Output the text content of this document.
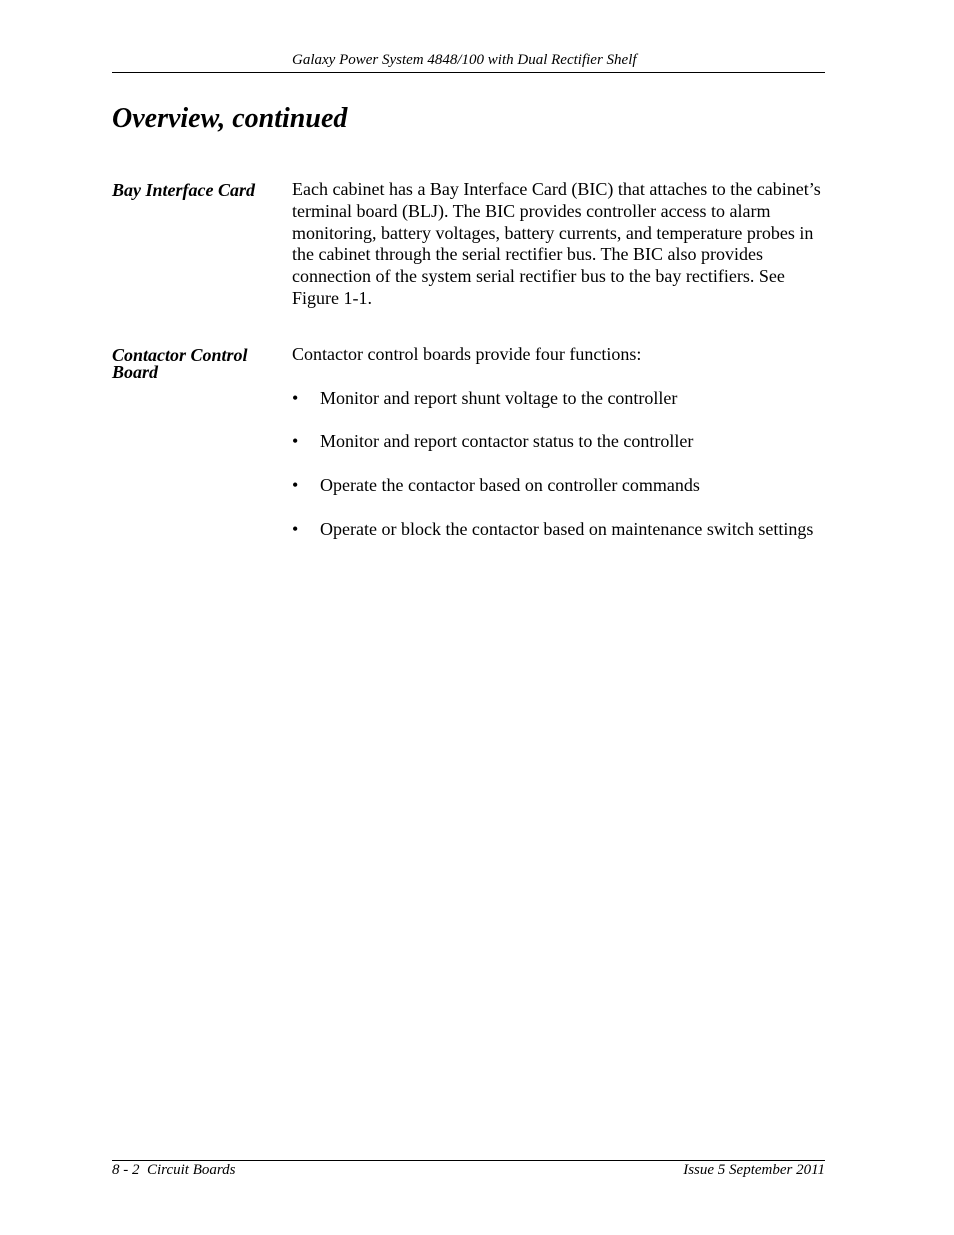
Galaxy Power System 4848/100 with Dual Rectifier Shelf
Overview, continued
Bay Interface Card	Each cabinet has a Bay Interface Card (BIC) that attaches to the cabinet’s terminal board (BLJ). The BIC provides controller access to alarm monitoring, battery voltages, battery currents, and temperature probes in the cabinet through the serial rectifier bus. The BIC also provides connection of the system serial rectifier bus to the bay rectifiers. See Figure 1-1.

Contactor Control Board

Contactor control boards provide four functions:

• Monitor and report shunt voltage to the controller
• Monitor and report contactor status to the controller
• Operate the contactor based on controller commands
• Operate or block the contactor based on maintenance switch settings
8 - 2  Circuit Boards	Issue 5 September 2011
